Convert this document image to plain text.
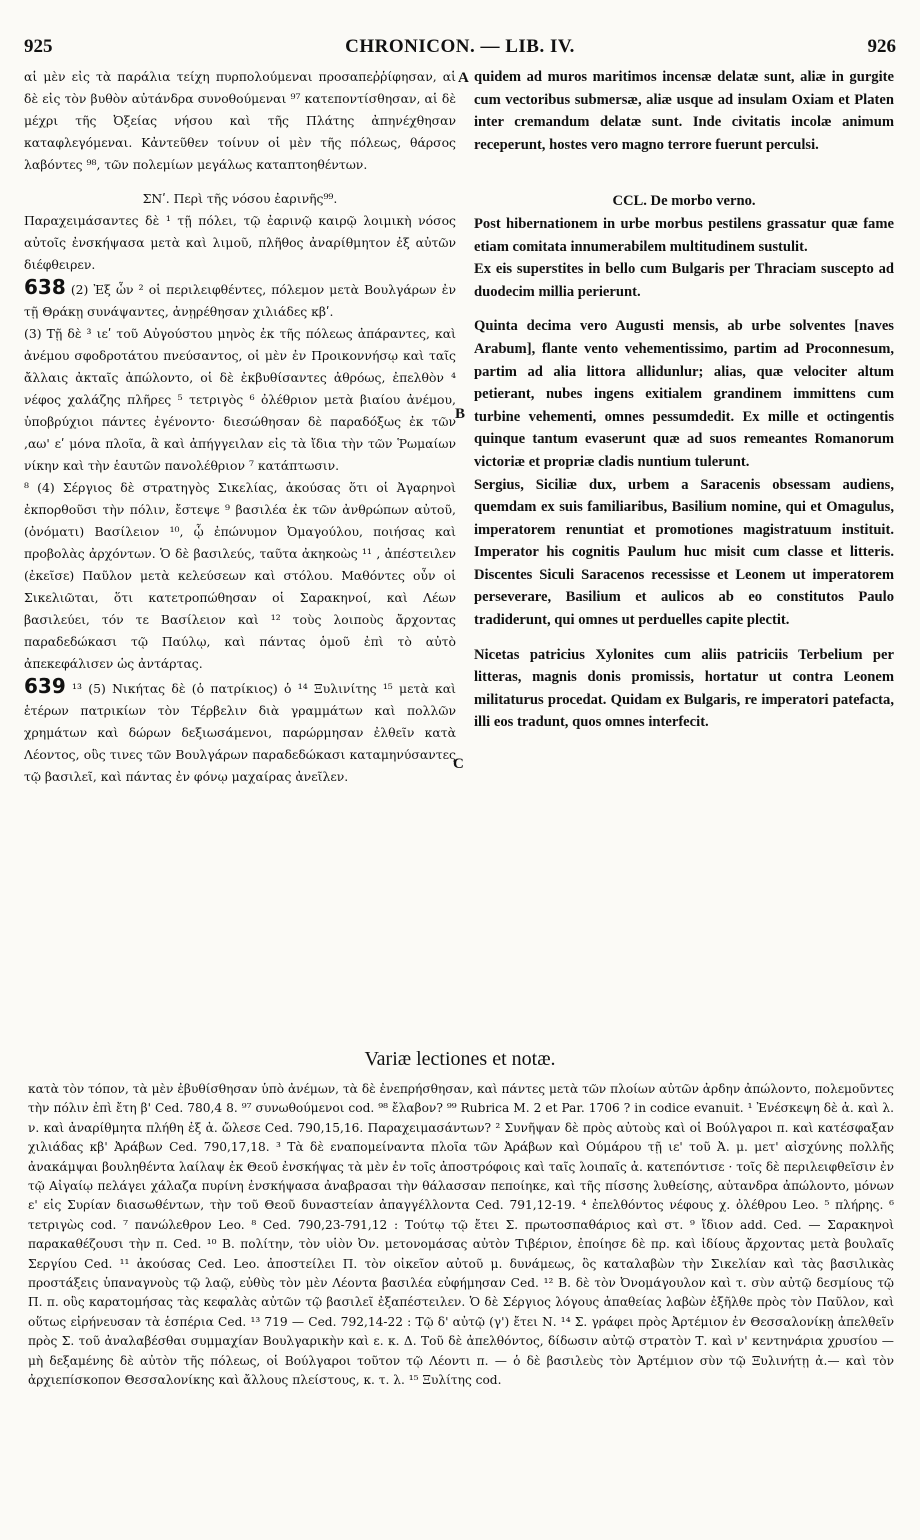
925	CHRONICON. — LIB. IV.	926
A
B
C

αἱ μὲν εἰς τὰ παράλια τείχη πυρπολούμεναι προσαπεῤῥίφησαν, αἱ δὲ εἰς τὸν βυθὸν αὐτάνδρα συνοθούμεναι ⁹⁷ κατεποντίσθησαν, αἱ δὲ μέχρι τῆς Ὀξείας νήσου καὶ τῆς Πλάτης ἀπηνέχθησαν καταφλεγόμεναι. Κἀντεῦθεν τοίνυν οἱ μὲν τῆς πόλεως, θάρσος λαβόντες ⁹⁸, τῶν πολεμίων μεγάλως καταπτοηθέντων.

ΣΝʹ. Περὶ τῆς νόσου ἐαρινῆς⁹⁹.

Παραχειμάσαντες δὲ ¹ τῇ πόλει, τῷ ἐαρινῷ καιρῷ λοιμικὴ νόσος αὐτοῖς ἐνσκήψασα μετὰ καὶ λιμοῦ, πλῆθος ἀναρίθμητον ἐξ αὐτῶν διέφθειρεν.

638 (2) Ἐξ ὧν ² οἱ περιλειφθέντες, πόλεμον μετὰ Βουλγάρων ἐν τῇ Θράκῃ συνάψαντες, ἀνῃρέθησαν χιλιάδες κβʹ.

(3) Τῇ δὲ ³ ιεʹ τοῦ Αὐγούστου μηνὸς ἐκ τῆς πόλεως ἀπάραντες, καὶ ἀνέμου σφοδροτάτου πνεύσαντος, οἱ μὲν ἐν Προικοννήσῳ καὶ ταῖς ἄλλαις ἀκταῖς ἀπώλοντο, οἱ δὲ ἐκβυθίσαντες ἀθρόως, ἐπελθὸν ⁴ νέφος χαλάζης πλῆρες ⁵ τετριγὸς ⁶ ὀλέθριον μετὰ βιαίου ἀνέμου, ὑποβρύχιοι πάντες ἐγένοντο· διεσώθησαν δὲ παραδόξως ἐκ τῶν ,αω' εʹ μόνα πλοῖα, ἃ καὶ ἀπήγγειλαν εἰς τὰ ἴδια τὴν τῶν Ῥωμαίων νίκην καὶ τὴν ἑαυτῶν πανολέθριον ⁷ κατάπτωσιν.

⁸ (4) Σέργιος δὲ στρατηγὸς Σικελίας, ἀκούσας ὅτι οἱ Ἀγαρηνοὶ ἐκπορθοῦσι τὴν πόλιν, ἔστεψε ⁹ βασιλέα ἐκ τῶν ἀνθρώπων αὐτοῦ, (ὀνόματι) Βασίλειον ¹⁰, ᾧ ἐπώνυμον Ὀμαγούλου, ποιήσας καὶ προβολὰς ἀρχόντων. Ὁ δὲ βασιλεύς, ταῦτα ἀκηκοὼς ¹¹ , ἀπέστειλεν (ἐκεῖσε) Παῦλον μετὰ κελεύσεων καὶ στόλου. Μαθόντες οὖν οἱ Σικελιῶται, ὅτι κατετροπώθησαν οἱ Σαρακηνοί, καὶ Λέων βασιλεύει, τόν τε Βασίλειον καὶ ¹² τοὺς λοιποὺς ἄρχοντας παραδεδώκασι τῷ Παύλῳ, καὶ πάντας ὁμοῦ ἐπὶ τὸ αὐτὸ ἀπεκεφάλισεν ὡς ἀντάρτας.

639 ¹³ (5) Νικήτας δὲ (ὁ πατρίκιος) ὁ ¹⁴ Ξυλινίτης ¹⁵ μετὰ καὶ ἑτέρων πατρικίων τὸν Τέρβελιν διὰ γραμμάτων καὶ πολλῶν χρημάτων καὶ δώρων δεξιωσάμενοι, παρώρμησαν ἐλθεῖν κατὰ Λέοντος, οὓς τινες τῶν Βουλγάρων παραδεδώκασι καταμηνύσαντες τῷ βασιλεῖ, καὶ πάντας ἐν φόνῳ μαχαίρας ἀνεῖλεν.

quidem ad muros maritimos incensæ delatæ sunt, aliæ in gurgite cum vectoribus submersæ, aliæ usque ad insulam Oxiam et Platen inter cremandum delatæ sunt. Inde civitatis incolæ animum receperunt, hostes vero magno terrore fuerunt perculsi.

CCL. De morbo verno.

Post hibernationem in urbe morbus pestilens grassatur quæ fame etiam comitata innumerabilem multitudinem sustulit.

Ex eis superstites in bello cum Bulgaris per Thraciam suscepto ad duodecim millia perierunt.

Quinta decima vero Augusti mensis, ab urbe solventes [naves Arabum], flante vento vehementissimo, partim ad Proconnesum, partim ad alia littora allidunlur; alias, quæ velociter altum petierant, nubes ingens exitialem grandinem immittens cum turbine vehementi, omnes pessumdedit. Ex mille et octingentis quinque tantum evaserunt quæ ad suos remeantes Romanorum victoriæ et propriæ cladis nuntium tulerunt.

Sergius, Siciliæ dux, urbem a Saracenis obsessam audiens, quemdam ex suis familiaribus, Basilium nomine, qui et Omagulus, imperatorem renuntiat et promotiones magistratuum instituit. Imperator his cognitis Paulum huc misit cum classe et litteris. Discentes Siculi Saracenos recessisse et Leonem ut imperatorem perseverare, Basilium et aulicos ab eo constitutos Paulo tradiderunt, qui omnes ut perduelles capite plectit.

Nicetas patricius Xylonites cum aliis patriciis Terbelium per litteras, magnis donis promissis, hortatur ut contra Leonem militaturus procedat. Quidam ex Bulgaris, re imperatori patefacta, illi eos tradunt, quos omnes interfecit.

Variæ lectiones et notæ.
κατὰ τὸν τόπον, τὰ μὲν ἐβυθίσθησαν ὑπὸ ἀνέμων, τὰ δὲ ἐνεπρήσθησαν, καὶ πάντες μετὰ τῶν πλοίων αὐτῶν ἀρδην ἀπώλοντο, πολεμοῦντες τὴν πόλιν ἐπὶ ἔτη β' Ced. 780,4 8. ⁹⁷ συνωθούμενοι cod. ⁹⁸ ἔλαβον? ⁹⁹ Rubrica M. 2 et Par. 1706 ? in codice evanuit. ¹ Ἐνέσκεψη δὲ ἀ. καὶ λ. ν. καὶ ἀναρίθμητα πλήθη ἐξ ἀ. ὤλεσε Ced. 790,15,16. Παραχειμασάντων? ² Συνῆψαν δὲ πρὸς αὐτοὺς καὶ οἱ Βούλγαροι π. καὶ κατέσφαξαν χιλιάδας κβ' Ἀράβων Ced. 790,17,18. ³ Τὰ δὲ εναπομείναντα πλοῖα τῶν Ἀράβων καὶ Ούμάρου τῇ ιε' τοῦ Ἀ. μ. μετ' αἰσχύνης πολλῆς ἀνακάμψαι βουληθέντα λαίλαψ ἐκ Θεοῦ ἐνσκήψας τὰ μὲν ἐν τοῖς ἀποστρόφοις καὶ ταῖς λοιπαῖς ἀ. κατεπόντισε · τοῖς δὲ περιλειφθεῖσιν ἐν τῷ Αἰγαίῳ πελάγει χάλαζα πυρίνη ἐνσκήψασα ἀναβρασαι τὴν θάλασσαν πεποίηκε, καὶ τῆς πίσσης λυθείσης, αὐτανδρα ἀπώλοντο, μόνων ε' εἰς Συρίαν διασωθέντων, τὴν τοῦ Θεοῦ δυναστείαν ἀπαγγέλλοντα Ced. 791,12-19. ⁴ ἐπελθόντος νέφους χ. ὀλέθρου Leo. ⁵ πλήρης. ⁶ τετριγὼς cod. ⁷ πανώλεθρον Leo. ⁸ Ced. 790,23-791,12 : Τούτῳ τῷ ἔτει Σ. πρωτοσπαθάριος καὶ στ. ⁹ ἴδιον add. Ced. — Σαρακηνοὶ παρακαθέζουσι τὴν π. Ced. ¹⁰ Β. πολίτην, τὸν υἱὸν Ὀν. μετονομάσας αὐτὸν Τιβέριον, ἐποίησε δὲ πρ. καὶ ἰδίους ἄρχοντας μετὰ βουλαῖς Σεργίου Ced. ¹¹ ἀκούσας Ced. Leo. ἀποστείλει Π. τὸν οἰκεῖον αὐτοῦ μ. δυνάμεως, ὃς καταλαβὼν τὴν Σικελίαν καὶ τὰς βασιλικὰς προστάξεις ὑπαναγνοὺς τῷ λαῷ, εὐθὺς τὸν μὲν Λέοντα βασιλέα εὐφήμησαν Ced. ¹² Β. δὲ τὸν Ὀνομάγουλον καὶ τ. σὺν αὐτῷ δεσμίους τῷ Π. π. οὓς καρατομήσας τὰς κεφαλὰς αὐτῶν τῷ βασιλεῖ ἐξαπέστειλεν. Ὁ δὲ Σέργιος λόγους ἀπαθείας λαβὼν ἐξῆλθε πρὸς τὸν Παῦλον, καὶ οὕτως εἰρήνευσαν τὰ ἑσπέρια Ced. ¹³ 719 — Ced. 792,14-22 : Τῷ δ' αὐτῷ (γ') ἔτει Ν. ¹⁴ Σ. γράφει πρὸς Ἀρτέμιον ἐν Θεσσαλονίκῃ ἀπελθεῖν πρὸς Σ. τοῦ ἀναλαβέσθαι συμμαχίαν Βουλγαρικὴν καὶ ε. κ. Δ. Τοῦ δὲ ἀπελθόντος, δίδωσιν αὐτῷ στρατὸν Τ. καὶ ν' κεντηνάρια χρυσίου — μὴ δεξαμένης δὲ αὐτὸν τῆς πόλεως, οἱ Βούλγαροι τοῦτον τῷ Λέοντι π. — ὁ δὲ βασιλεὺς τὸν Ἀρτέμιον σὺν τῷ Ξυλινήτῃ ἀ.— καὶ τὸν ἀρχιεπίσκοπον Θεσσαλονίκης καὶ ἄλλους πλείστους, κ. τ. λ. ¹⁵ Ξυλίτης cod.
